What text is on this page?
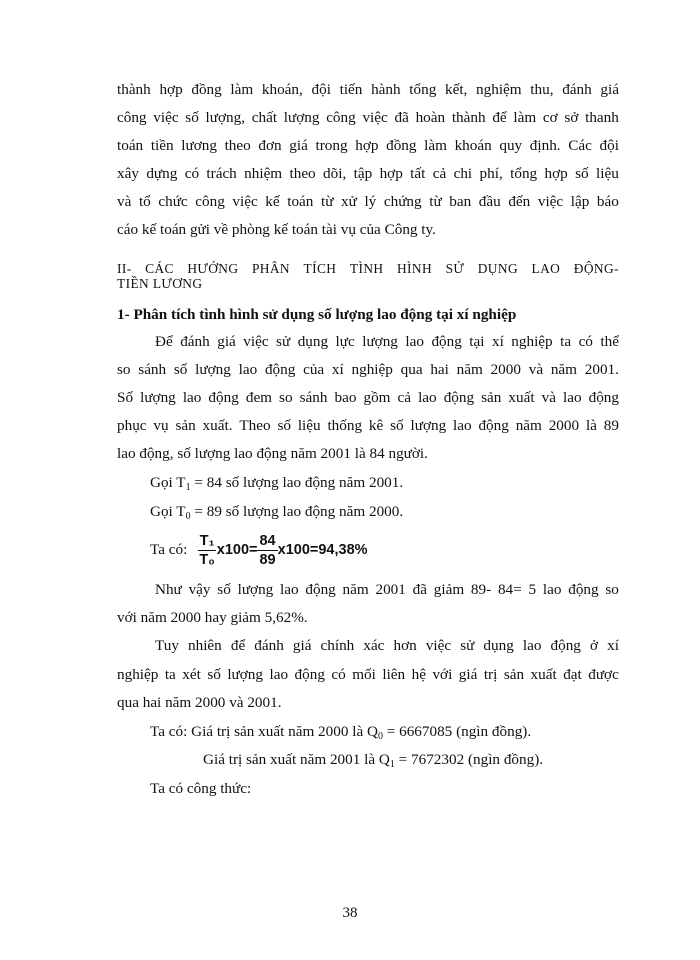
thành hợp đồng làm khoán, đội tiến hành tổng kết, nghiệm thu, đánh giá
công việc số lượng, chất lượng công việc đã hoàn thành để làm cơ sở thanh
toán tiền lương theo đơn giá trong hợp đồng làm khoán quy định. Các đội
xây dựng có trách nhiệm theo dõi, tập hợp tất cả chi phí, tổng hợp số liệu
và tổ chức công việc kế toán từ xử lý chứng từ ban đầu đến việc lập báo
cáo kế toán gửi về phòng kế toán tài vụ của Công ty.
II- CÁC HƯỚNG PHÂN TÍCH TÌNH HÌNH SỬ DỤNG LAO ĐỘNG-
TIỀN LƯƠNG
1- Phân tích tình hình sử dụng số lượng lao động tại xí nghiệp
Để đánh giá việc sử dụng lực lượng lao động tại xí nghiệp ta có thể
so sánh số lượng lao động của xí nghiệp qua hai năm 2000 và năm 2001.
Số lượng lao động đem so sánh bao gồm cả lao động sản xuất và lao động
phục vụ sản xuất. Theo số liệu thống kê số lượng lao động năm 2000 là 89
lao động, số lượng lao động năm 2001 là 84 người.
Gọi $T_1 = 84$ số lượng lao động năm 2001.
Gọi $T_0 = 89$ số lượng lao động năm 2000.
Ta có: $\frac{\text{T₁}}{\text{T₀}} x100= \frac{84}{89} x100=94,38\%$
Như vậy số lượng lao động năm 2001 đã giảm 89- 84= 5 lao động so
với năm 2000 hay giảm 5,62%.
Tuy nhiên để đánh giá chính xác hơn việc sử dụng lao động ở xí
nghiệp ta xét số lượng lao động có mối liên hệ với giá trị sản xuất đạt được
qua hai năm 2000 và 2001.
Ta có: Giá trị sản xuất năm 2000 là $Q_0 = 6667085$ (ngìn đồng).
Giá trị sản xuất năm 2001 là $Q_1 = 7672302$ (ngìn đồng).
Ta có công thức:
38
